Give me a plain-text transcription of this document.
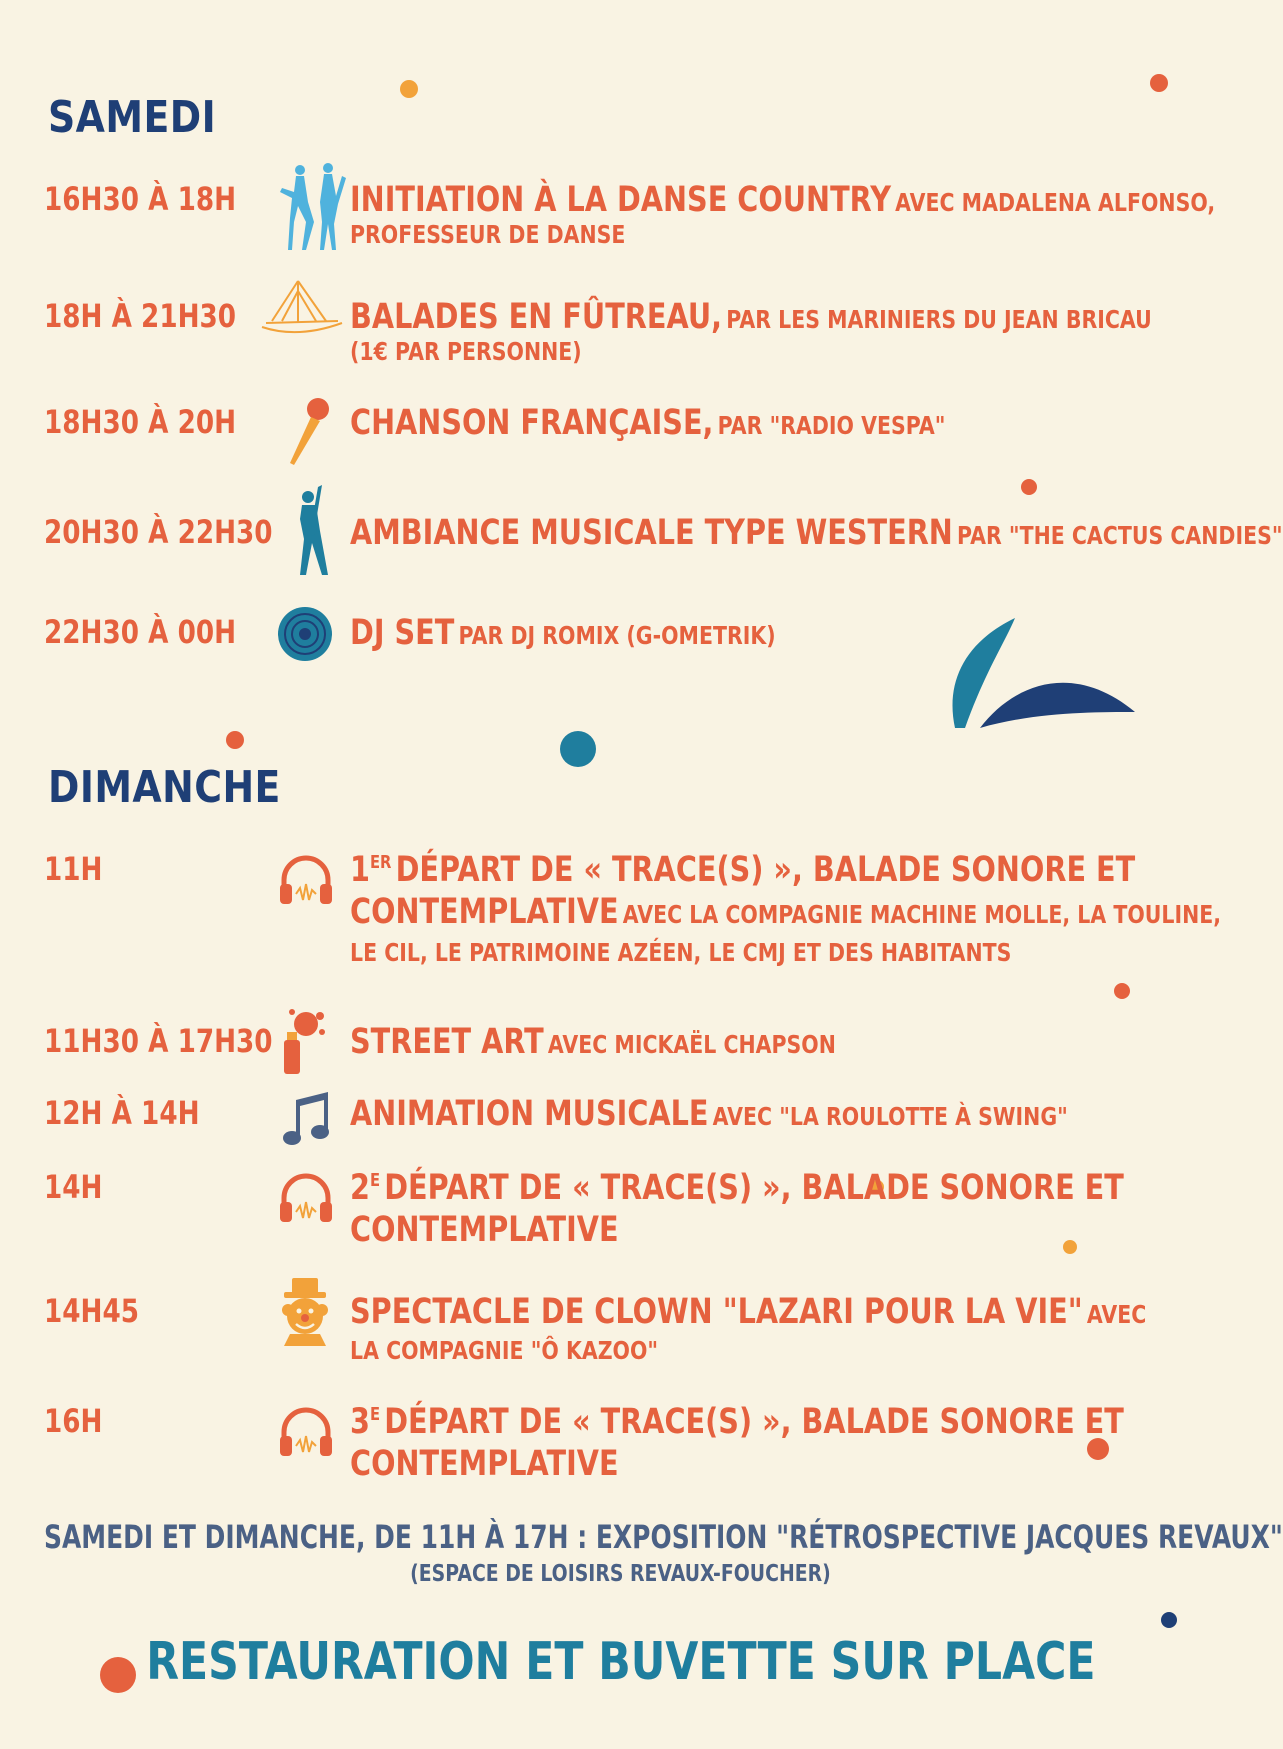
SAMEDI
16H30 À 18H	INITIATION À LA DANSE COUNTRY AVEC MADALENA ALFONSO,
PROFESSEUR DE DANSE
18H À 21H30	BALADES EN FÛTREAU, PAR LES MARINIERS DU JEAN BRICAU
(1€ PAR PERSONNE)
18H30 À 20H	CHANSON FRANÇAISE, PAR "RADIO VESPA"
20H30 À 22H30 AMBIANCE MUSICALE TYPE WESTERN PAR "THE CACTUS CANDIES"
22H30 À 00H	DJ SET PAR DJ ROMIX (G-OMETRIK)
DIMANCHE
11H	1ER DÉPART DE « TRACE(S) », BALADE SONORE ET
CONTEMPLATIVE AVEC LA COMPAGNIE MACHINE MOLLE, LA TOULINE,
LE CIL, LE PATRIMOINE AZÉEN, LE CMJ ET DES HABITANTS
11H30 À 17H30 STREET ART AVEC MICKAËL CHAPSON
12H À 14H	ANIMATION MUSICALE AVEC "LA ROULOTTE À SWING"
14H	2E DÉPART DE « TRACE(S) », BALADE SONORE ET
CONTEMPLATIVE
14H45	SPECTACLE DE CLOWN "LAZARI POUR LA VIE" AVEC
LA COMPAGNIE "Ô KAZOO"
16H	3E DÉPART DE « TRACE(S) », BALADE SONORE ET
CONTEMPLATIVE
SAMEDI ET DIMANCHE, DE 11H À 17H : EXPOSITION "RÉTROSPECTIVE JACQUES REVAUX"
(ESPACE DE LOISIRS REVAUX-FOUCHER)
RESTAURATION ET BUVETTE SUR PLACE
